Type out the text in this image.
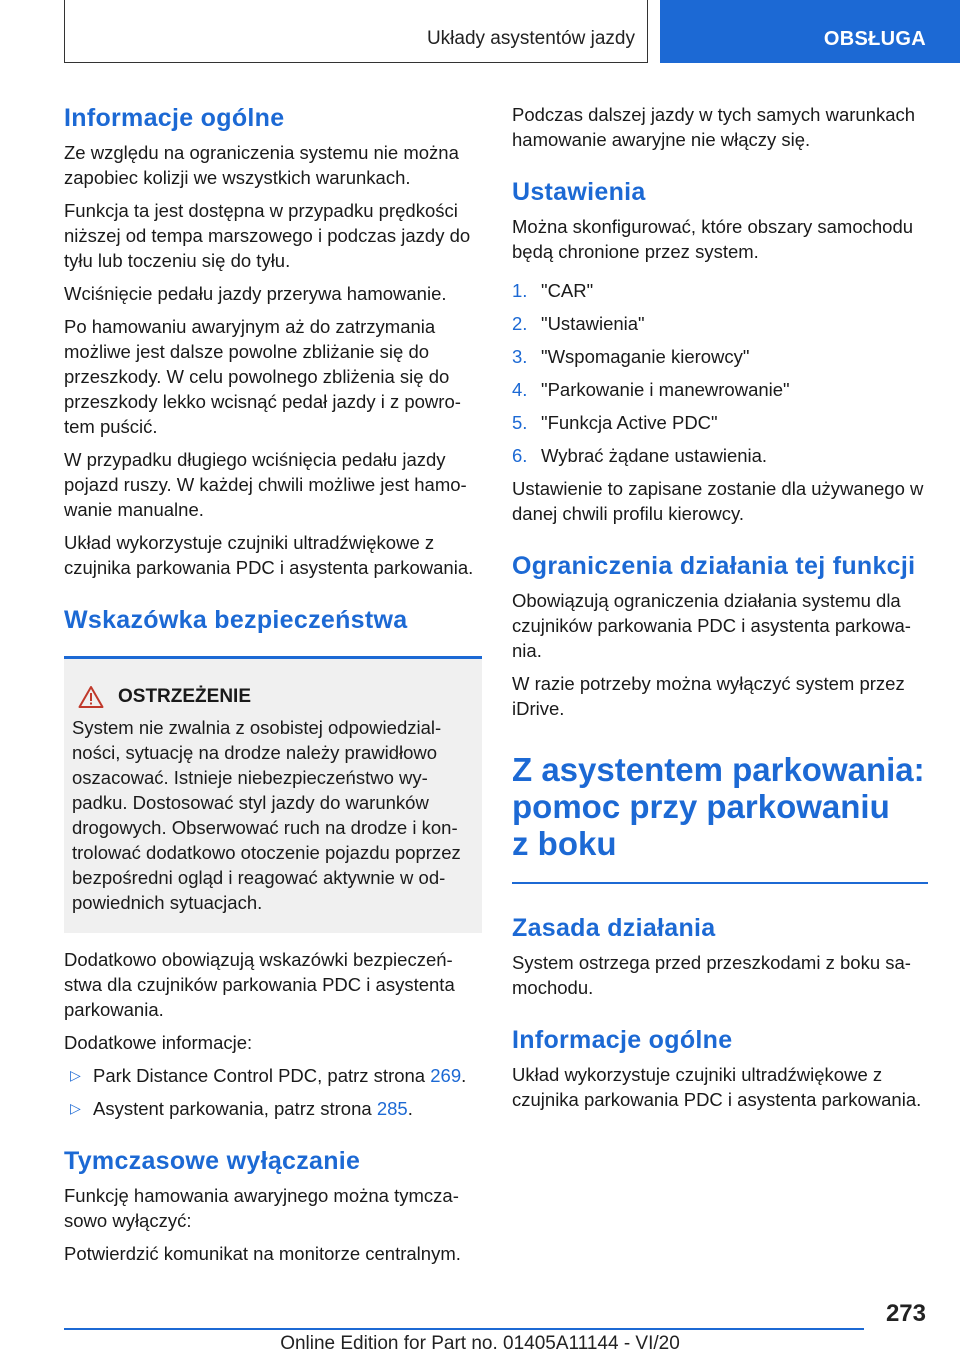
Układy asystentów jazdy	OBSŁUGA
Informacje ogólne

Ze względu na ograniczenia systemu nie można zapobiec kolizji we wszystkich warunkach.

Funkcja ta jest dostępna w przypadku prędkości niższej od tempa marszowego i podczas jazdy do tyłu lub toczeniu się do tyłu.

Wciśnięcie pedału jazdy przerywa hamowanie.

Po hamowaniu awaryjnym aż do zatrzymania możliwe jest dalsze powolne zbliżanie się do przeszkody. W celu powolnego zbliżenia się do przeszkody lekko wcisnąć pedał jazdy i z powrotem puścić.

W przypadku długiego wciśnięcia pedału jazdy pojazd ruszy. W każdej chwili możliwe jest hamowanie manualne.

Układ wykorzystuje czujniki ultradźwiękowe z czujnika parkowania PDC i asystenta parkowania.

Wskazówka bezpieczeństwa
OSTRZEŻENIE

System nie zwalnia z osobistej odpowiedzialności, sytuację na drodze należy prawidłowo oszacować. Istnieje niebezpieczeństwo wypadku. Dostosować styl jazdy do warunków drogowych. Obserwować ruch na drodze i kontrolować dodatkowo otoczenie pojazdu poprzez bezpośredni ogląd i reagować aktywnie w odpowiednich sytuacjach.

Dodatkowo obowiązują wskazówki bezpieczeństwa dla czujników parkowania PDC i asystenta parkowania.

Dodatkowe informacje:

▷ Park Distance Control PDC, patrz strona 269.
▷ Asystent parkowania, patrz strona 285.
Tymczasowe wyłączanie

Funkcję hamowania awaryjnego można tymczasowo wyłączyć:

Potwierdzić komunikat na monitorze centralnym.

Podczas dalszej jazdy w tych samych warunkach hamowanie awaryjne nie włączy się.

Ustawienia

Można skonfigurować, które obszary samochodu będą chronione przez system.

1. "CAR"
2. "Ustawienia"
3. "Wspomaganie kierowcy"
4. "Parkowanie i manewrowanie"
5. "Funkcja Active PDC"
6. Wybrać żądane ustawienia.

Ustawienie to zapisane zostanie dla używanego w danej chwili profilu kierowcy.

Ograniczenia działania tej funkcji

Obowiązują ograniczenia działania systemu dla czujników parkowania PDC i asystenta parkowania.

W razie potrzeby można wyłączyć system przez iDrive.

Z asystentem parkowania:
pomoc przy parkowaniu
z boku
Zasada działania

System ostrzega przed przeszkodami z boku samochodu.

Informacje ogólne

Układ wykorzystuje czujniki ultradźwiękowe z czujnika parkowania PDC i asystenta parkowania.

273
Online Edition for Part no. 01405A11144 - VI/20
